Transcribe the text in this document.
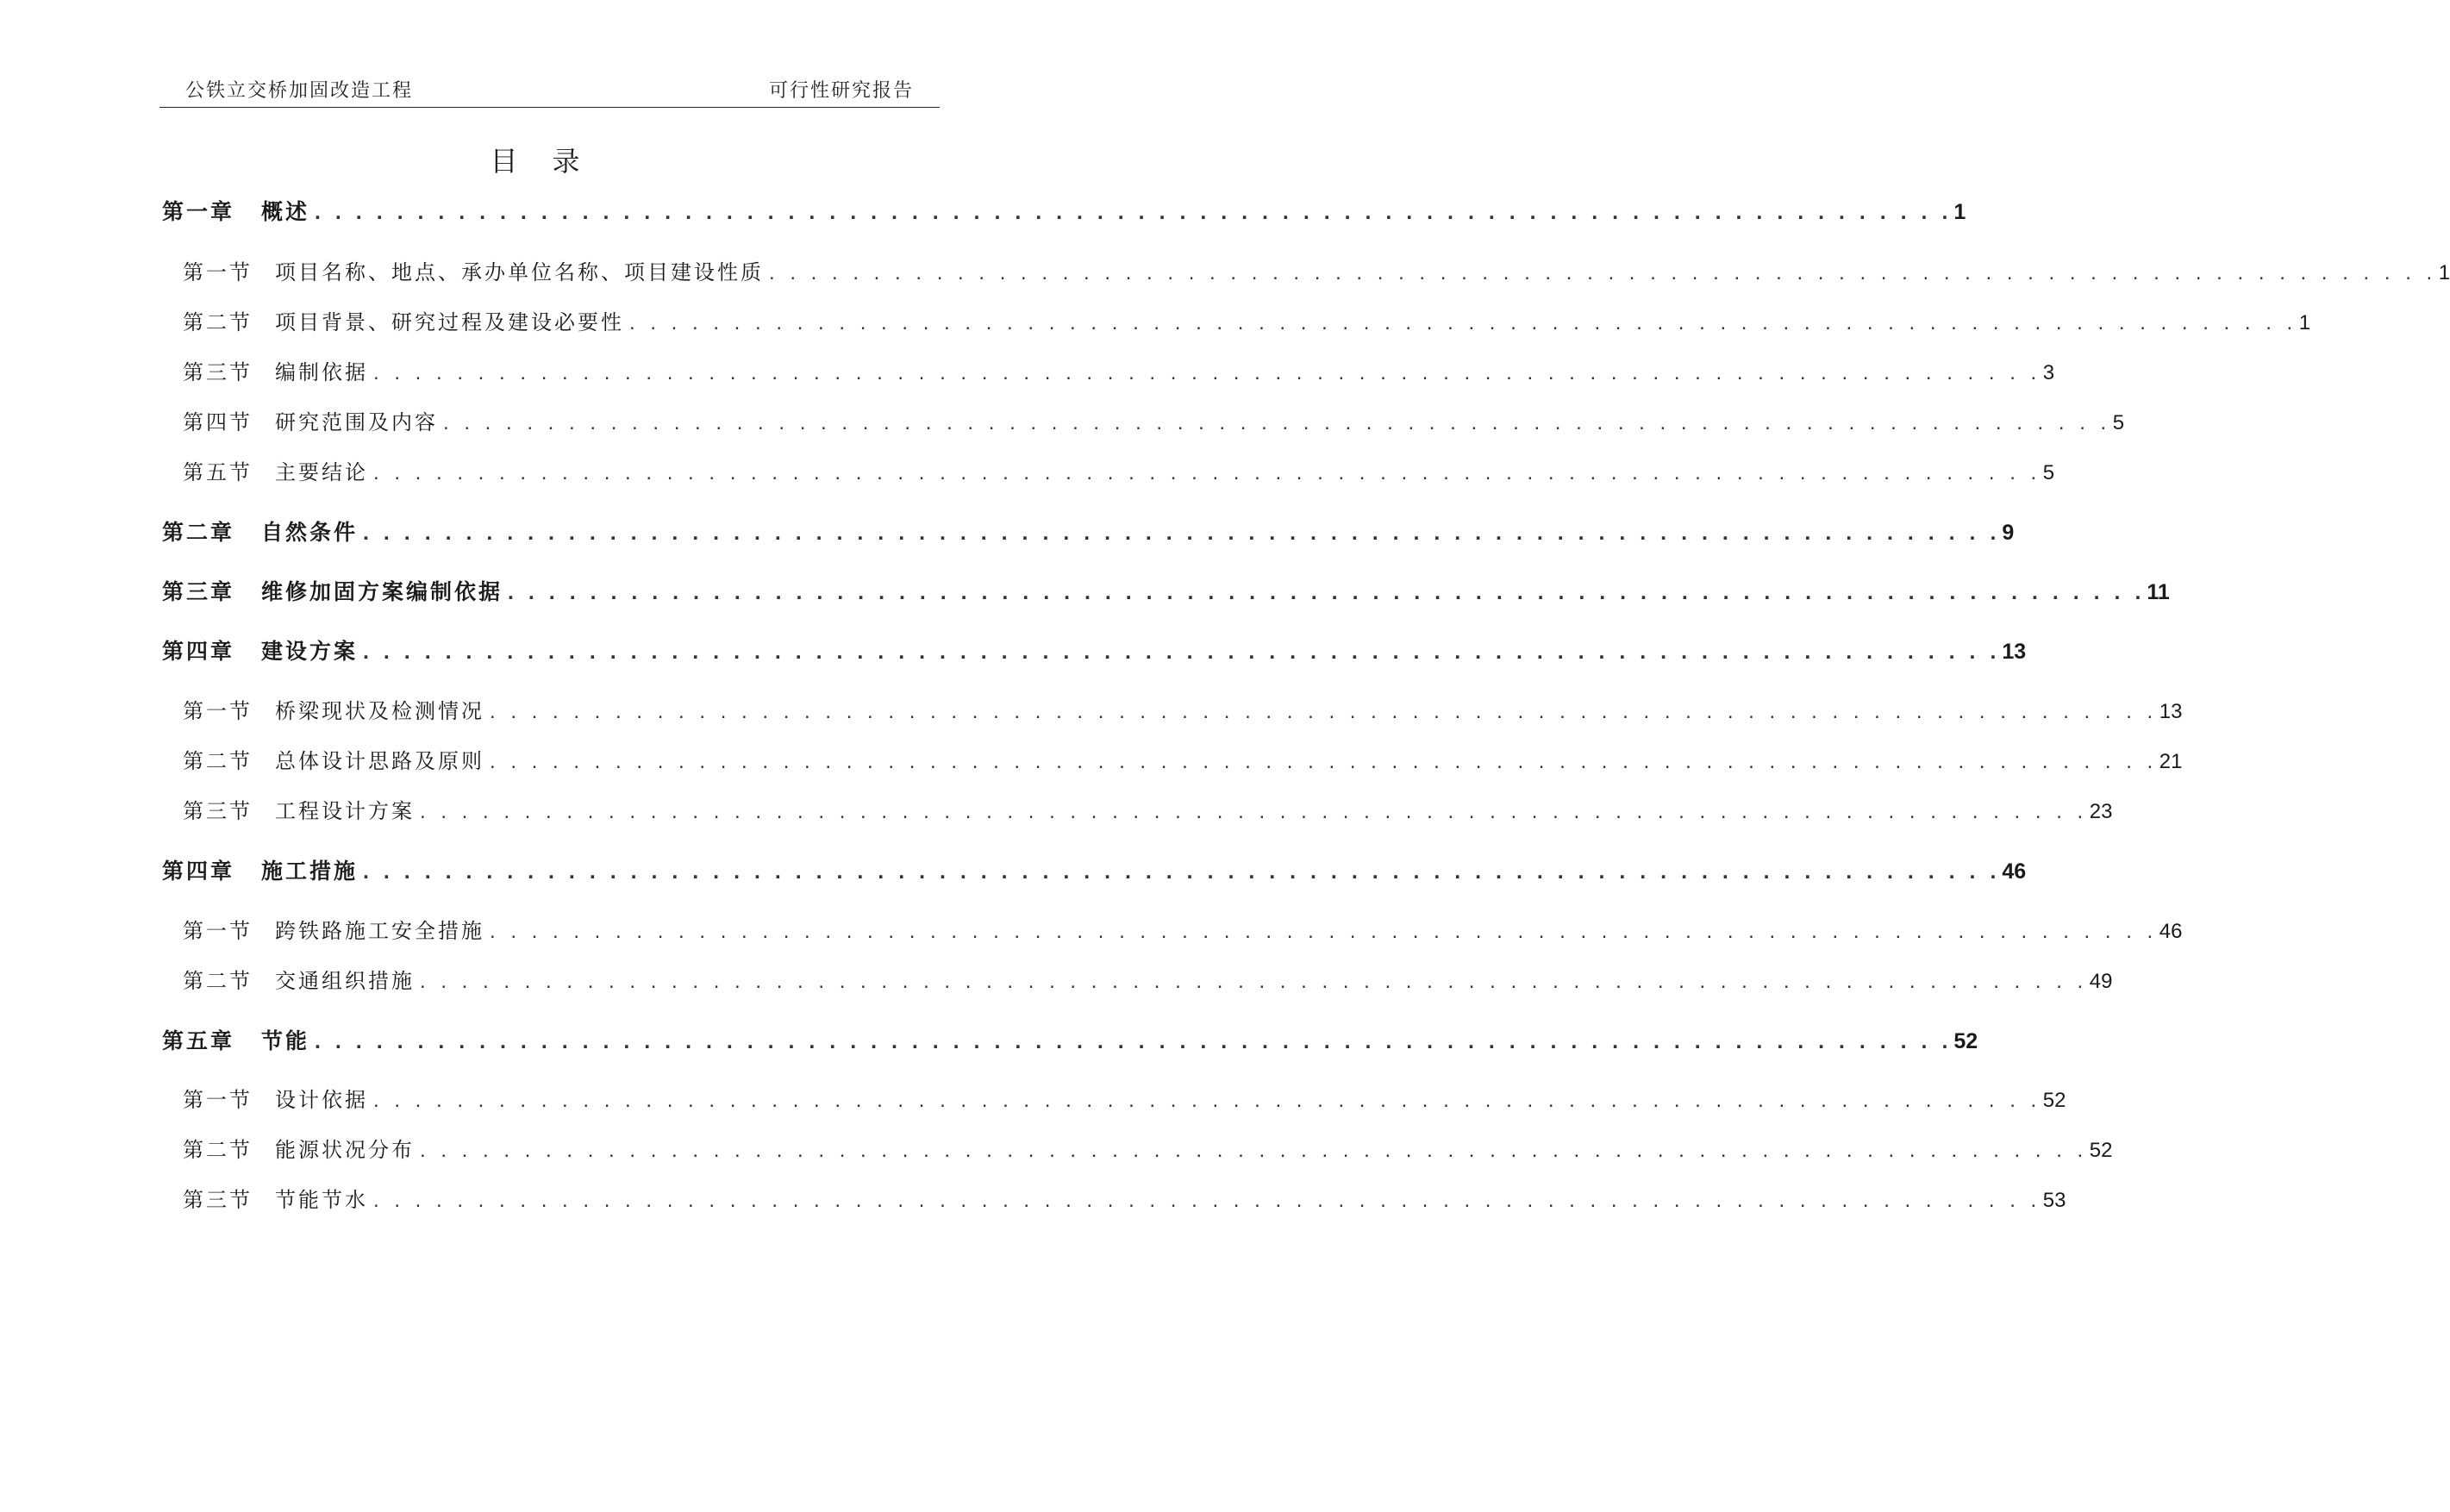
公铁立交桥加固改造工程	可行性研究报告
目录
第一章	概述 . . . . . . . . . . . . . . . . . . . . . . . . . . . . . . . . . . . . . . . . . . . . . . . . . . . . . . . . . . . . . . . . . . . . . . . . . . . . . . . . 1
第一节	项目名称、地点、承办单位名称、项目建设性质 . . . . . . . . . . . . . . . . . . . . . . . . . . . . . . . . . . . . . . . . . . . . . . . . . . . . . . . . . . . . . . . . . . . . . . . . . . . . . . . . 1
第二节	项目背景、研究过程及建设必要性 . . . . . . . . . . . . . . . . . . . . . . . . . . . . . . . . . . . . . . . . . . . . . . . . . . . . . . . . . . . . . . . . . . . . . . . . . . . . . . . . 1
第三节	编制依据 . . . . . . . . . . . . . . . . . . . . . . . . . . . . . . . . . . . . . . . . . . . . . . . . . . . . . . . . . . . . . . . . . . . . . . . . . . . . . . . . 3
第四节	研究范围及内容 . . . . . . . . . . . . . . . . . . . . . . . . . . . . . . . . . . . . . . . . . . . . . . . . . . . . . . . . . . . . . . . . . . . . . . . . . . . . . . . . 5
第五节	主要结论 . . . . . . . . . . . . . . . . . . . . . . . . . . . . . . . . . . . . . . . . . . . . . . . . . . . . . . . . . . . . . . . . . . . . . . . . . . . . . . . . 5
第二章	自然条件 . . . . . . . . . . . . . . . . . . . . . . . . . . . . . . . . . . . . . . . . . . . . . . . . . . . . . . . . . . . . . . . . . . . . . . . . . . . . . . . . 9
第三章	维修加固方案编制依据 . . . . . . . . . . . . . . . . . . . . . . . . . . . . . . . . . . . . . . . . . . . . . . . . . . . . . . . . . . . . . . . . . . . . . . . . . . . . . . . . 11
第四章	建设方案 . . . . . . . . . . . . . . . . . . . . . . . . . . . . . . . . . . . . . . . . . . . . . . . . . . . . . . . . . . . . . . . . . . . . . . . . . . . . . . . . 13
第一节	桥梁现状及检测情况 . . . . . . . . . . . . . . . . . . . . . . . . . . . . . . . . . . . . . . . . . . . . . . . . . . . . . . . . . . . . . . . . . . . . . . . . . . . . . . . . 13
第二节	总体设计思路及原则 . . . . . . . . . . . . . . . . . . . . . . . . . . . . . . . . . . . . . . . . . . . . . . . . . . . . . . . . . . . . . . . . . . . . . . . . . . . . . . . . 21
第三节	工程设计方案 . . . . . . . . . . . . . . . . . . . . . . . . . . . . . . . . . . . . . . . . . . . . . . . . . . . . . . . . . . . . . . . . . . . . . . . . . . . . . . . . 23
第四章	施工措施 . . . . . . . . . . . . . . . . . . . . . . . . . . . . . . . . . . . . . . . . . . . . . . . . . . . . . . . . . . . . . . . . . . . . . . . . . . . . . . . . 46
第一节	跨铁路施工安全措施 . . . . . . . . . . . . . . . . . . . . . . . . . . . . . . . . . . . . . . . . . . . . . . . . . . . . . . . . . . . . . . . . . . . . . . . . . . . . . . . . 46
第二节	交通组织措施 . . . . . . . . . . . . . . . . . . . . . . . . . . . . . . . . . . . . . . . . . . . . . . . . . . . . . . . . . . . . . . . . . . . . . . . . . . . . . . . . 49
第五章	节能 . . . . . . . . . . . . . . . . . . . . . . . . . . . . . . . . . . . . . . . . . . . . . . . . . . . . . . . . . . . . . . . . . . . . . . . . . . . . . . . . 52
第一节	设计依据 . . . . . . . . . . . . . . . . . . . . . . . . . . . . . . . . . . . . . . . . . . . . . . . . . . . . . . . . . . . . . . . . . . . . . . . . . . . . . . . . 52
第二节	能源状况分布 . . . . . . . . . . . . . . . . . . . . . . . . . . . . . . . . . . . . . . . . . . . . . . . . . . . . . . . . . . . . . . . . . . . . . . . . . . . . . . . . 52
第三节	节能节水 . . . . . . . . . . . . . . . . . . . . . . . . . . . . . . . . . . . . . . . . . . . . . . . . . . . . . . . . . . . . . . . . . . . . . . . . . . . . . . . . 53
